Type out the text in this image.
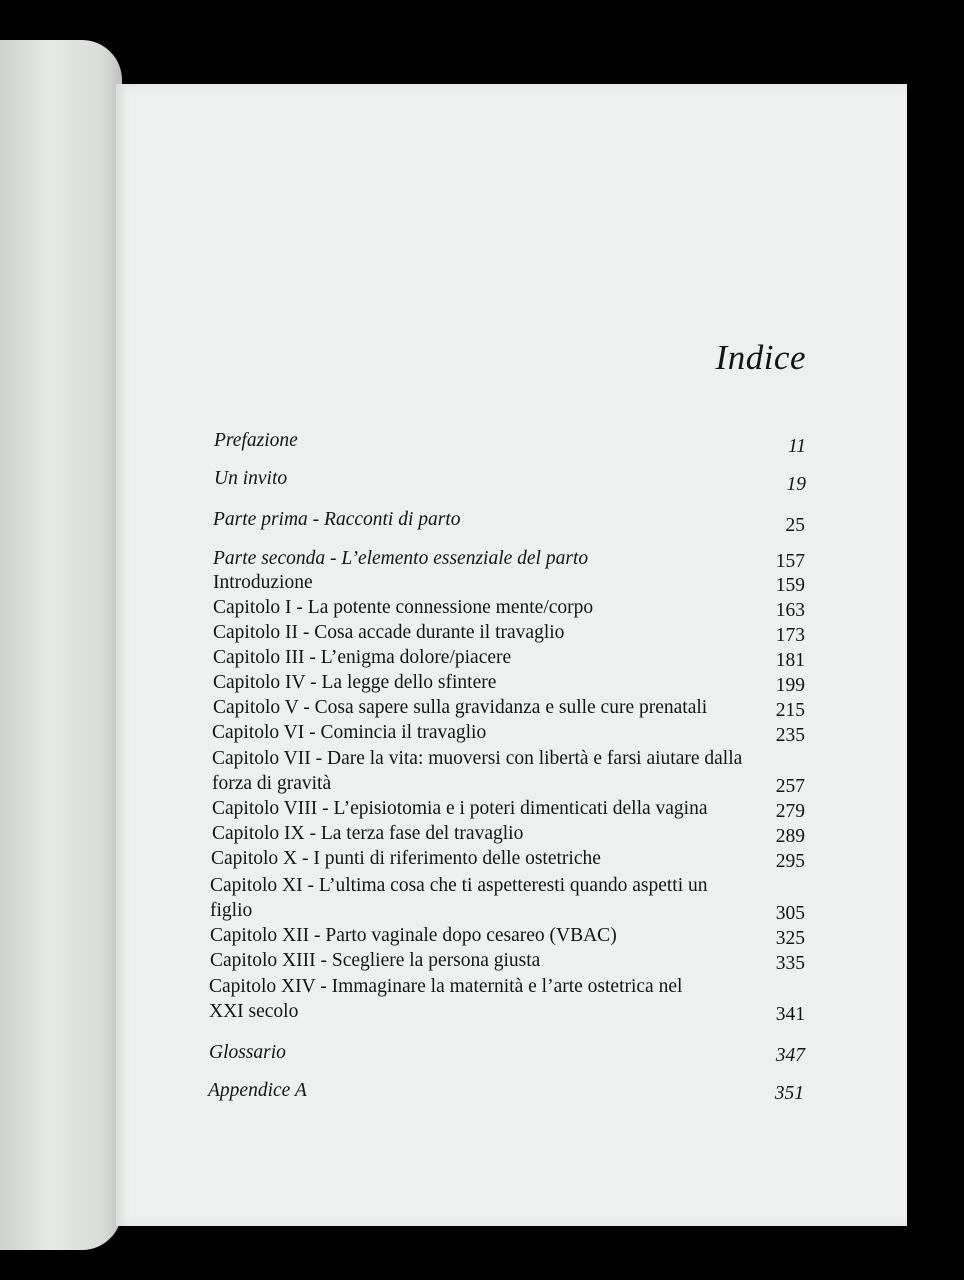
Indice
Prefazione	11
Un invito	19
Parte prima - Racconti di parto	25
Parte seconda - L’elemento essenziale del parto	157
Introduzione	159
Capitolo I - La potente connessione mente/corpo	163
Capitolo II - Cosa accade durante il travaglio	173
Capitolo III - L’enigma dolore/piacere	181
Capitolo IV - La legge dello sfintere	199
Capitolo V - Cosa sapere sulla gravidanza e sulle cure prenatali	215
Capitolo VI - Comincia il travaglio	235
Capitolo VII - Dare la vita: muoversi con libertà e farsi aiutare dalla forza di gravità	257
Capitolo VIII - L’episiotomia e i poteri dimenticati della vagina	279
Capitolo IX - La terza fase del travaglio	289
Capitolo X - I punti di riferimento delle ostetriche	295
Capitolo XI - L’ultima cosa che ti aspetteresti quando aspetti un figlio	305
Capitolo XII - Parto vaginale dopo cesareo (VBAC)	325
Capitolo XIII - Scegliere la persona giusta	335
Capitolo XIV - Immaginare la maternità e l’arte ostetrica nel XXI secolo	341
Glossario	347
Appendice A	351
